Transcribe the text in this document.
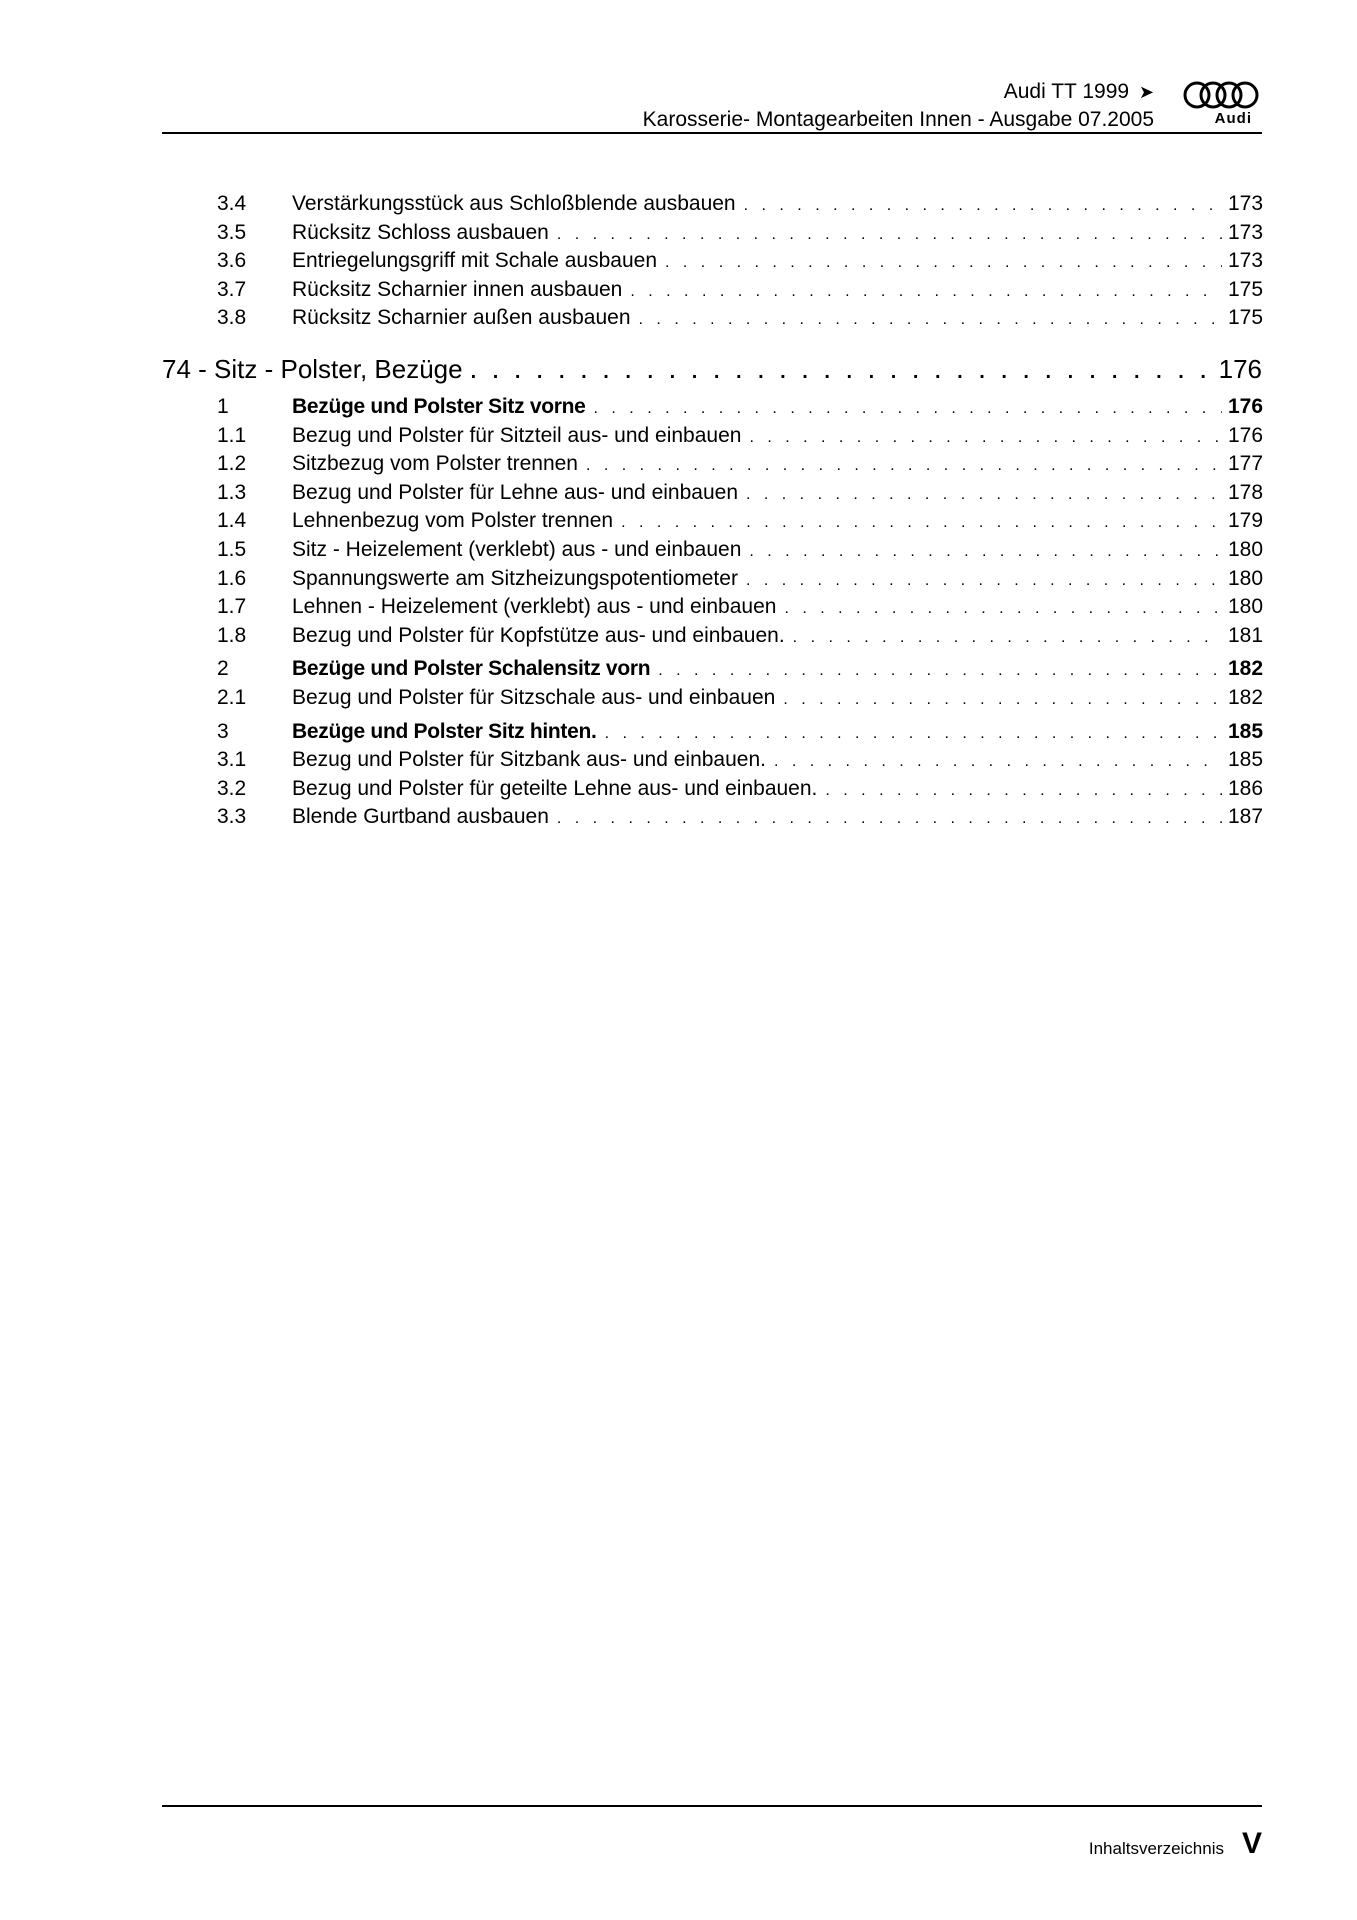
Audi TT 1999 ➤
Karosserie- Montagearbeiten Innen - Ausgabe 07.2005	Audi
3.4 Verstärkungsstück aus Schloßblende ausbauen . . .	173
3.5 Rücksitz Schloss ausbauen . . .	173
3.6 Entriegelungsgriff mit Schale ausbauen . . .	173
3.7 Rücksitz Scharnier innen ausbauen . . .	175
3.8 Rücksitz Scharnier außen ausbauen . . .	175
74 - Sitz - Polster, Bezüge . . .	176
1	Bezüge und Polster Sitz vorne . . .	176
1.1 Bezug und Polster für Sitzteil aus- und einbauen . . .	176
1.2 Sitzbezug vom Polster trennen . . .	177
1.3 Bezug und Polster für Lehne aus- und einbauen . . .	178
1.4 Lehnenbezug vom Polster trennen . . .	179
1.5 Sitz - Heizelement (verklebt) aus - und einbauen . . .	180
1.6 Spannungswerte am Sitzheizungspotentiometer . . .	180
1.7 Lehnen - Heizelement (verklebt) aus - und einbauen . . .	180
1.8 Bezug und Polster für Kopfstütze aus- und einbauen. . . .	181
2	Bezüge und Polster Schalensitz vorn . . .	182
2.1 Bezug und Polster für Sitzschale aus- und einbauen . . .	182
3	Bezüge und Polster Sitz hinten. . . .	185
3.1 Bezug und Polster für Sitzbank aus- und einbauen. . . .	185
3.2 Bezug und Polster für geteilte Lehne aus- und einbauen. . . .	186
3.3 Blende Gurtband ausbauen . . .	187
Inhaltsverzeichnis V
